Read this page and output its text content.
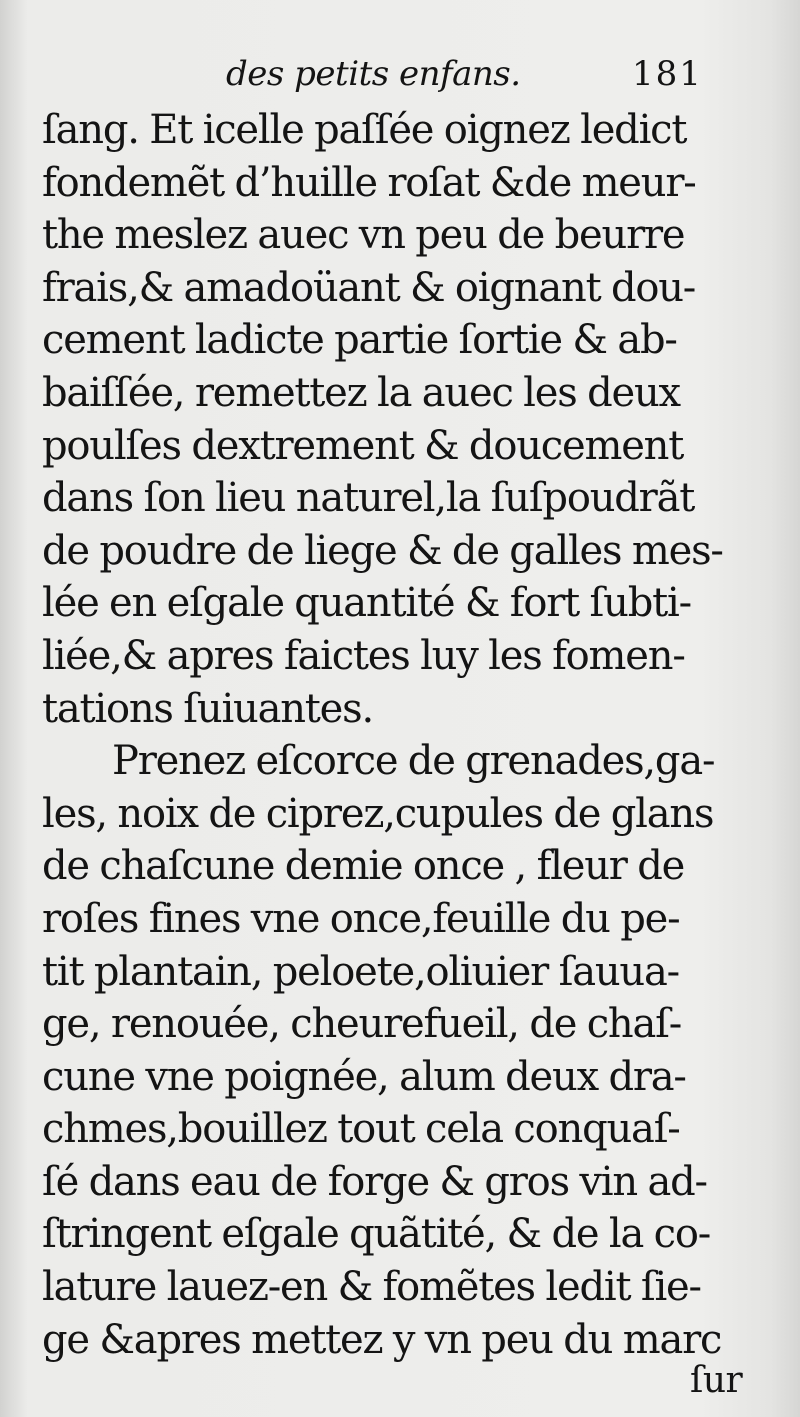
des petits enfans.	181
ſang. Et icelle paſſée oignez ledict
fondemẽt d’huille roſat &de meur-
the meslez auec vn peu de beurre
frais,& amadoüant & oignant dou-
cement ladicte partie ſortie & ab-
baiſſée, remettez la auec les deux
poulſes dextrement & doucement
dans ſon lieu naturel,la ſuſpoudrãt
de poudre de liege & de galles mes-
lée en eſgale quantité & fort ſubti-
liée,& apres faictes luy les fomen-
tations ſuiuantes.
Prenez eſcorce de grenades,ga-
les, noix de ciprez,cupules de glans
de chaſcune demie once , fleur de
roſes fines vne once,feuille du pe-
tit plantain, peloete,oliuier ſauua-
ge, renouée, cheurefueil, de chaſ-
cune vne poignée, alum deux dra-
chmes,bouillez tout cela conquaſ-
ſé dans eau de forge & gros vin ad-
ſtringent eſgale quãtité, & de la co-
lature lauez-en & fomẽtes ledit ſie-
ge &apres mettez y vn peu du marc
ſur
